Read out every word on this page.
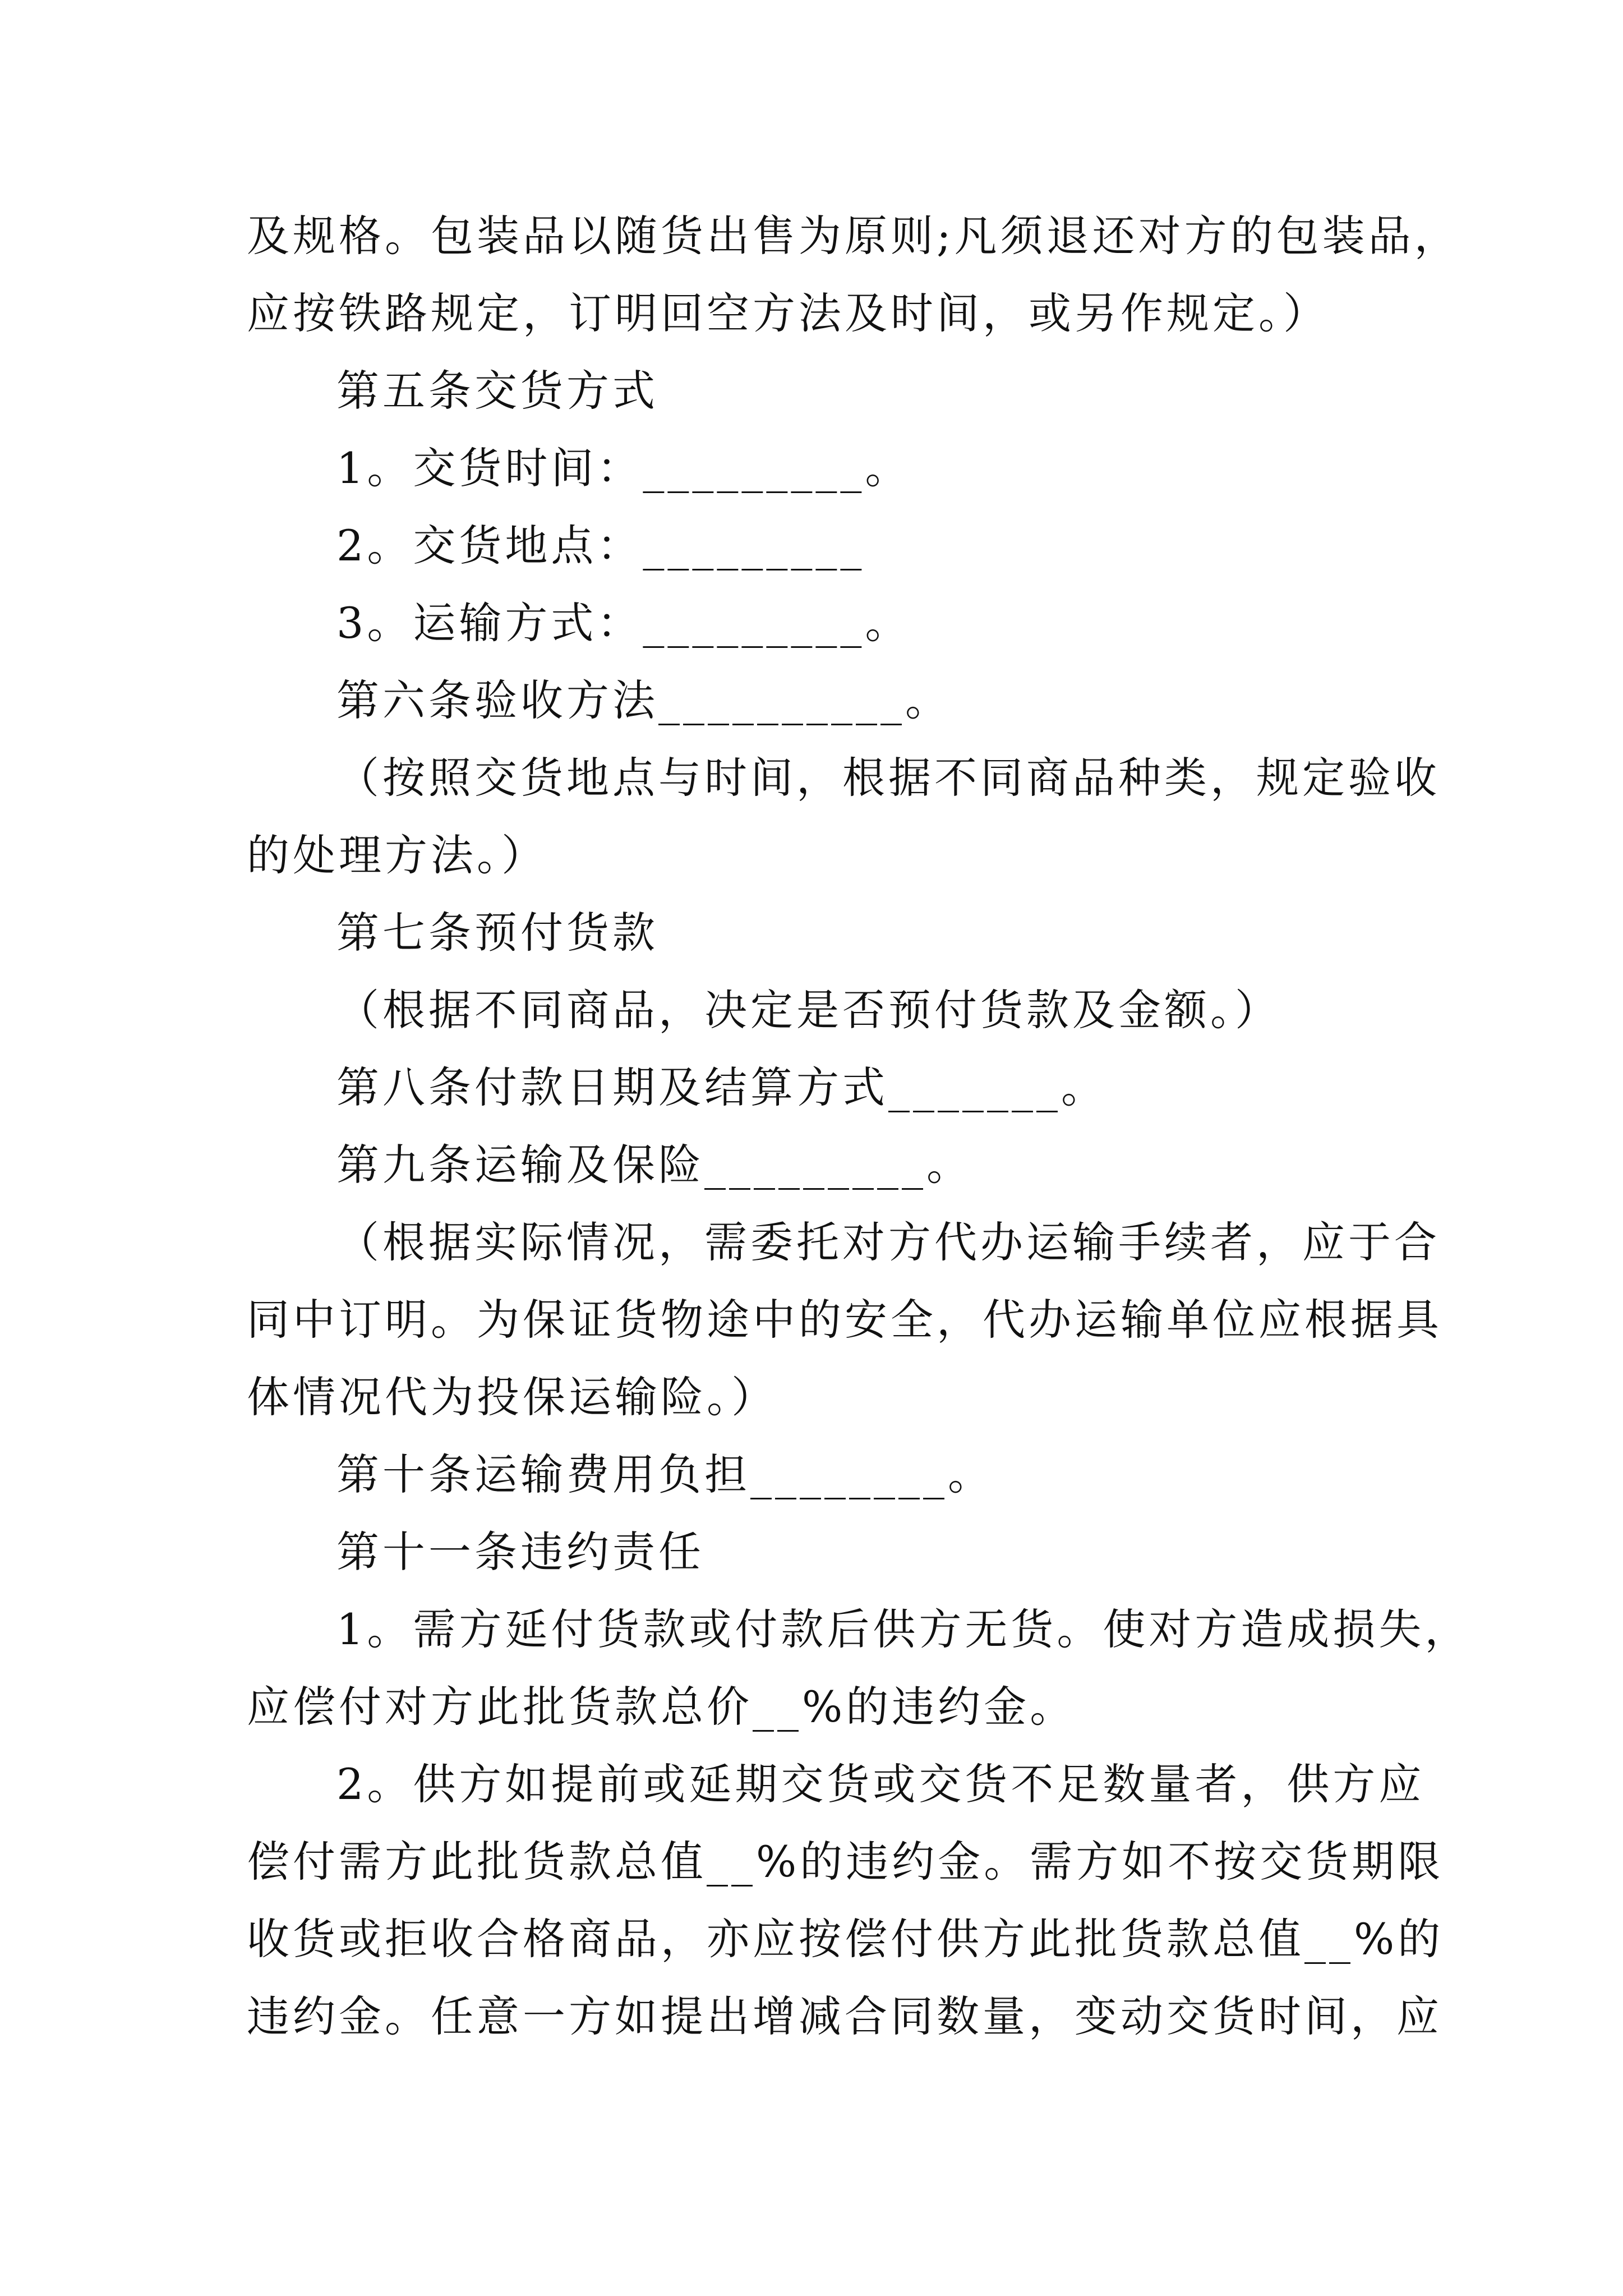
及规格。包装品以随货出售为原则;凡须退还对方的包装品，
应按铁路规定，订明回空方法及时间，或另作规定。）
第五条交货方式
1。交货时间：_________。
2。交货地点：_________
3。运输方式：_________。
第六条验收方法__________。
（按照交货地点与时间，根据不同商品种类，规定验收
的处理方法。）
第七条预付货款
（根据不同商品，决定是否预付货款及金额。）
第八条付款日期及结算方式_______。
第九条运输及保险_________。
（根据实际情况，需委托对方代办运输手续者，应于合
同中订明。为保证货物途中的安全，代办运输单位应根据具
体情况代为投保运输险。）
第十条运输费用负担________。
第十一条违约责任
1。需方延付货款或付款后供方无货。使对方造成损失，
应偿付对方此批货款总价__%的违约金。
2。供方如提前或延期交货或交货不足数量者，供方应
偿付需方此批货款总值__%的违约金。需方如不按交货期限
收货或拒收合格商品，亦应按偿付供方此批货款总值__%的
违约金。任意一方如提出增减合同数量，变动交货时间，应
